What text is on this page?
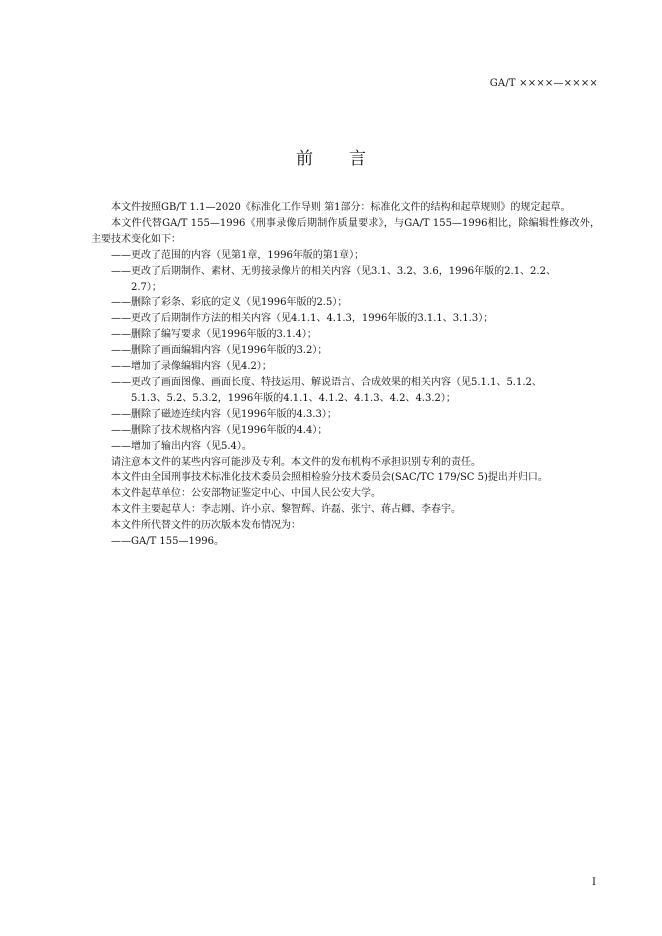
GA/T ××××—××××
前言

本文件按照GB/T 1.1—2020《标准化工作导则 第1部分：标准化文件的结构和起草规则》的规定起草。

本文件代替GA/T 155—1996《刑事录像后期制作质量要求》，与GA/T 155—1996相比，除编辑性修改外，主要技术变化如下：

——更改了范围的内容（见第1章，1996年版的第1章）；
——更改了后期制作、素材、无剪接录像片的相关内容（见3.1、3.2、3.6，1996年版的2.1、2.2、
2.7）；
——删除了彩条、彩底的定义（见1996年版的2.5）；
——更改了后期制作方法的相关内容（见4.1.1、4.1.3，1996年版的3.1.1、3.1.3）；
——删除了编写要求（见1996年版的3.1.4）；
——删除了画面编辑内容（见1996年版的3.2）；
——增加了录像编辑内容（见4.2）；
——更改了画面图像、画面长度、特技运用、解说语言、合成效果的相关内容（见5.1.1、5.1.2、
5.1.3、5.2、5.3.2，1996年版的4.1.1、4.1.2、4.1.3、4.2、4.3.2）；
——删除了磁迹连续内容（见1996年版的4.3.3）；
——删除了技术规格内容（见1996年版的4.4）；
——增加了输出内容（见5.4）。

请注意本文件的某些内容可能涉及专利。本文件的发布机构不承担识别专利的责任。

本文件由全国刑事技术标准化技术委员会照相检验分技术委员会(SAC/TC 179/SC 5)提出并归口。

本文件起草单位：公安部物证鉴定中心、中国人民公安大学。

本文件主要起草人：李志刚、许小京、黎智辉、许磊、张宁、蒋占卿、李春宇。

本文件所代替文件的历次版本发布情况为：

——GA/T 155—1996。

I
